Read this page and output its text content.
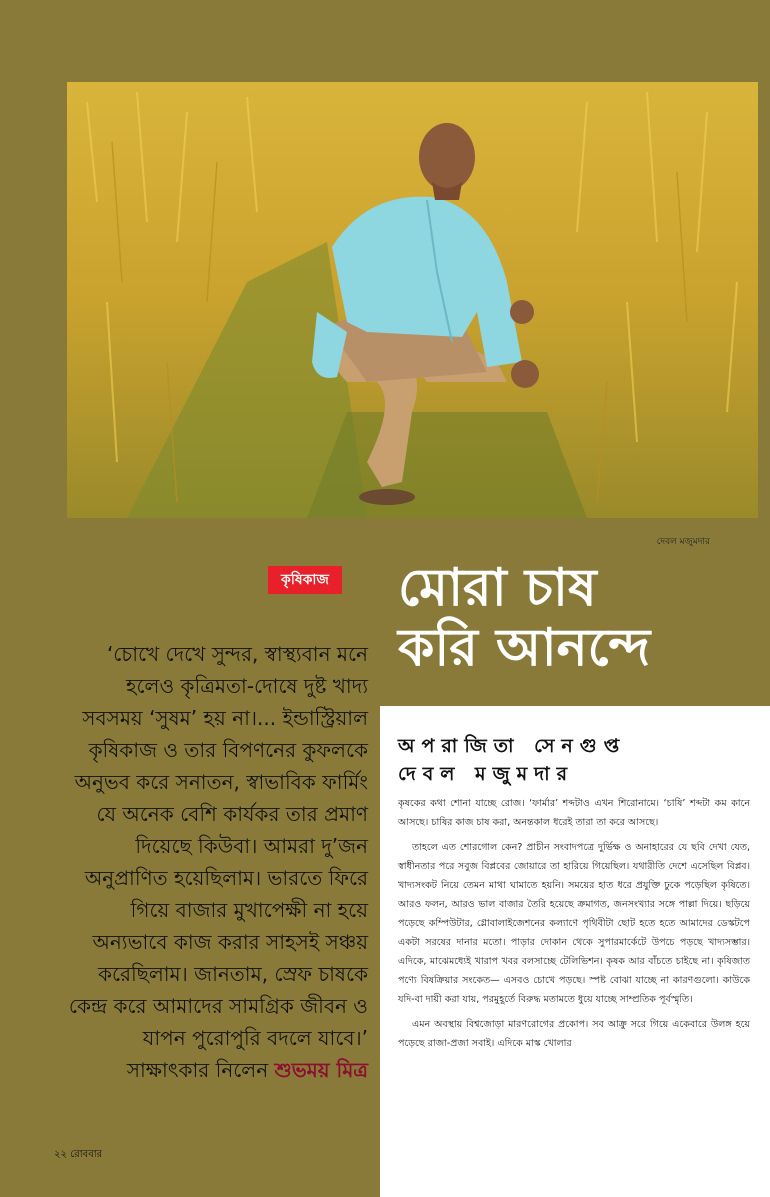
দেবল মজুমদার
কৃষিকাজ মোরা চাষ
করি আনন্দে
‘চোখে দেখে সুন্দর, স্বাস্থ্যবান মনে হলেও কৃত্রিমতা-দোষে দুষ্ট খাদ্য সবসময় ‘সুষম’ হয় না।... ইন্ডাস্ট্রিয়াল কৃষিকাজ ও তার বিপণনের কুফলকে অনুভব করে সনাতন, স্বাভাবিক ফার্মিং যে অনেক বেশি কার্যকর তার প্রমাণ দিয়েছে কিউবা। আমরা দু’জন অনুপ্রাণিত হয়েছিলাম। ভারতে ফিরে গিয়ে বাজার মুখাপেক্ষী না হয়ে অন্যভাবে কাজ করার সাহসই সঞ্চয় করেছিলাম। জানতাম, স্রেফ চাষকে কেন্দ্র করে আমাদের সামগ্রিক জীবন ও যাপন পুরোপুরি বদলে যাবে।’
সাক্ষাৎকার নিলেন শুভময় মিত্র
অপরাজিতা সেনগুপ্ত
দেবল মজুমদার

কৃষকের কথা শোনা যাচ্ছে রোজ। ‘ফার্মার’ শব্দটাও এখন শিরোনামে। ‘চাষি’ শব্দটা কম কানে আসছে। চাষির কাজ চাষ করা, অনন্তকাল ধরেই তারা তা করে আসছে।

তাহলে এত শোরগোল কেন? প্রাচীন সংবাদপত্রে দুর্ভিক্ষ ও অনাহারের যে ছবি দেখা যেত, স্বাধীনতার পরে সবুজ বিপ্লবের জোয়ারে তা হারিয়ে গিয়েছিল। যথারীতি দেশে এসেছিল বিপ্লব। খাদ্যসংকট নিয়ে তেমন মাথা ঘামাতে হয়নি। সময়ের হাত ধরে প্রযুক্তি ঢুকে পড়েছিল কৃষিতে। আরও ফলন, আরও ভাল বাজার তৈরি হয়েছে ক্রমাগত, জনসংখ্যার সঙ্গে পাল্লা দিয়ে। ছড়িয়ে পড়েছে কম্পিউটার, গ্লোবালাইজেশনের কল্যাণে পৃথিবীটা ছোট হতে হতে আমাদের ডেস্কটপে একটা সরষের দানার মতো। পাড়ার দোকান থেকে সুপারমার্কেটে উপচে পড়ছে খাদ্যসম্ভার। এদিকে, মাঝেমধ্যেই খারাপ খবর বলসাচ্ছে টেলিভিশন। কৃষক আর বাঁচতে চাইছে না। কৃষিজাত পণ্যে বিষক্রিয়ার সংকেত— এসবও চোখে পড়ছে। স্পষ্ট বোঝা যাচ্ছে না কারণগুলো। কাউকে যদি-বা দায়ী করা যায়, পরমুহূর্তে বিরুদ্ধ মতামতে ধুয়ে যাচ্ছে সাম্প্রতিক পূর্বস্মৃতি।

এমন অবস্থায় বিশ্বজোড়া মারণরোগের প্রকোপ। সব আক্রু সরে গিয়ে একেবারে উলঙ্গ হয়ে পড়েছে রাজা-প্রজা সবাই। এদিকে মাস্ক খোলার

২২ রোববার
